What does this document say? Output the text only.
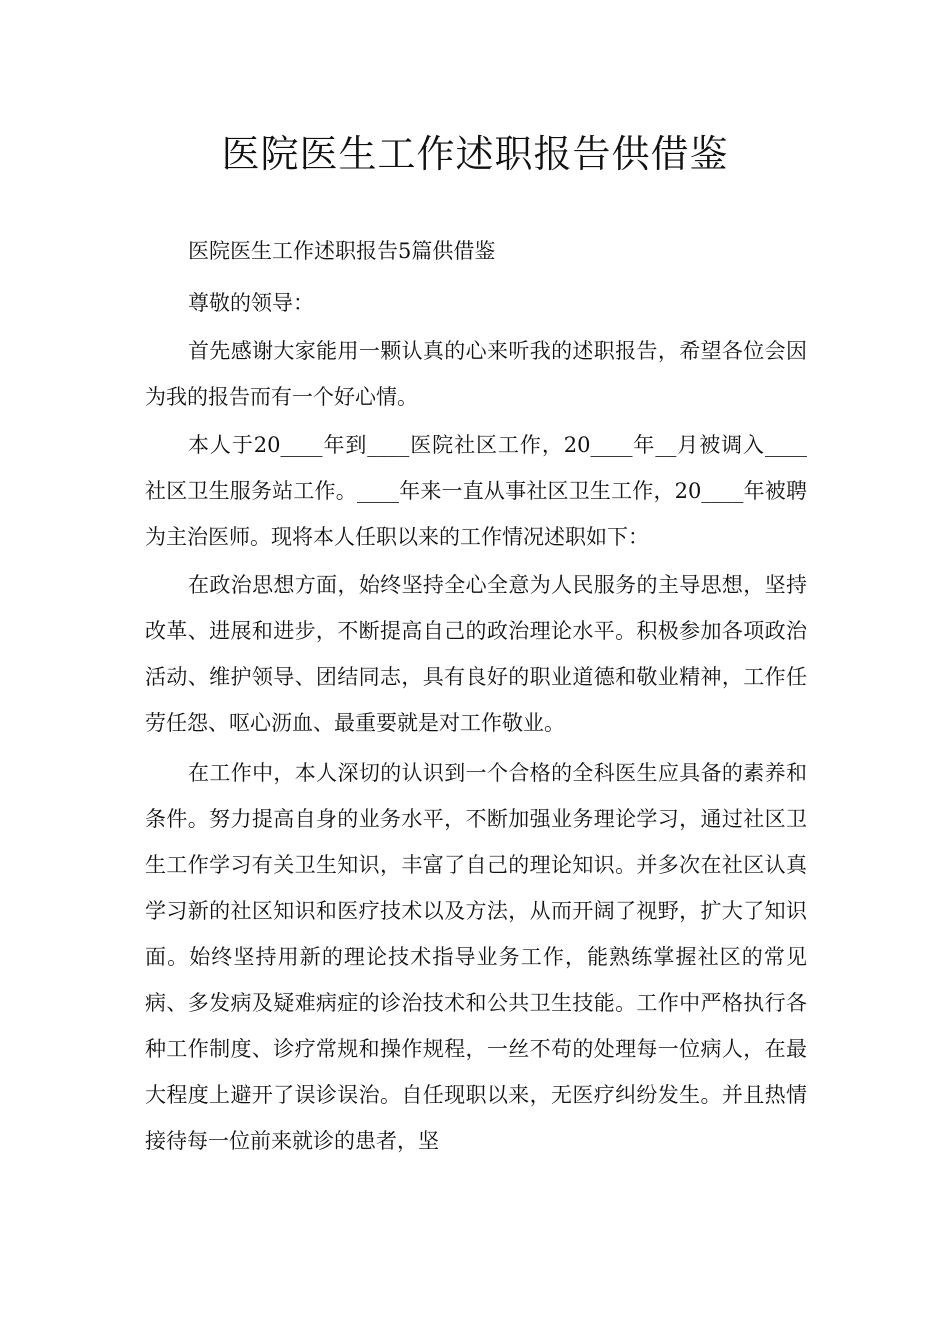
医院医生工作述职报告供借鉴

医院医生工作述职报告5篇供借鉴

尊敬的领导：

首先感谢大家能用一颗认真的心来听我的述职报告，希望各位会因为我的报告而有一个好心情。

本人于20____年到____医院社区工作，20____年__月被调入____社区卫生服务站工作。____年来一直从事社区卫生工作，20____年被聘为主治医师。现将本人任职以来的工作情况述职如下：

在政治思想方面，始终坚持全心全意为人民服务的主导思想，坚持改革、进展和进步，不断提高自己的政治理论水平。积极参加各项政治活动、维护领导、团结同志，具有良好的职业道德和敬业精神，工作任劳任怨、呕心沥血、最重要就是对工作敬业。

在工作中，本人深切的认识到一个合格的全科医生应具备的素养和条件。努力提高自身的业务水平，不断加强业务理论学习，通过社区卫生工作学习有关卫生知识，丰富了自己的理论知识。并多次在社区认真学习新的社区知识和医疗技术以及方法，从而开阔了视野，扩大了知识面。始终坚持用新的理论技术指导业务工作，能熟练掌握社区的常见病、多发病及疑难病症的诊治技术和公共卫生技能。工作中严格执行各种工作制度、诊疗常规和操作规程，一丝不苟的处理每一位病人，在最大程度上避开了误诊误治。自任现职以来，无医疗纠纷发生。并且热情接待每一位前来就诊的患者，坚
